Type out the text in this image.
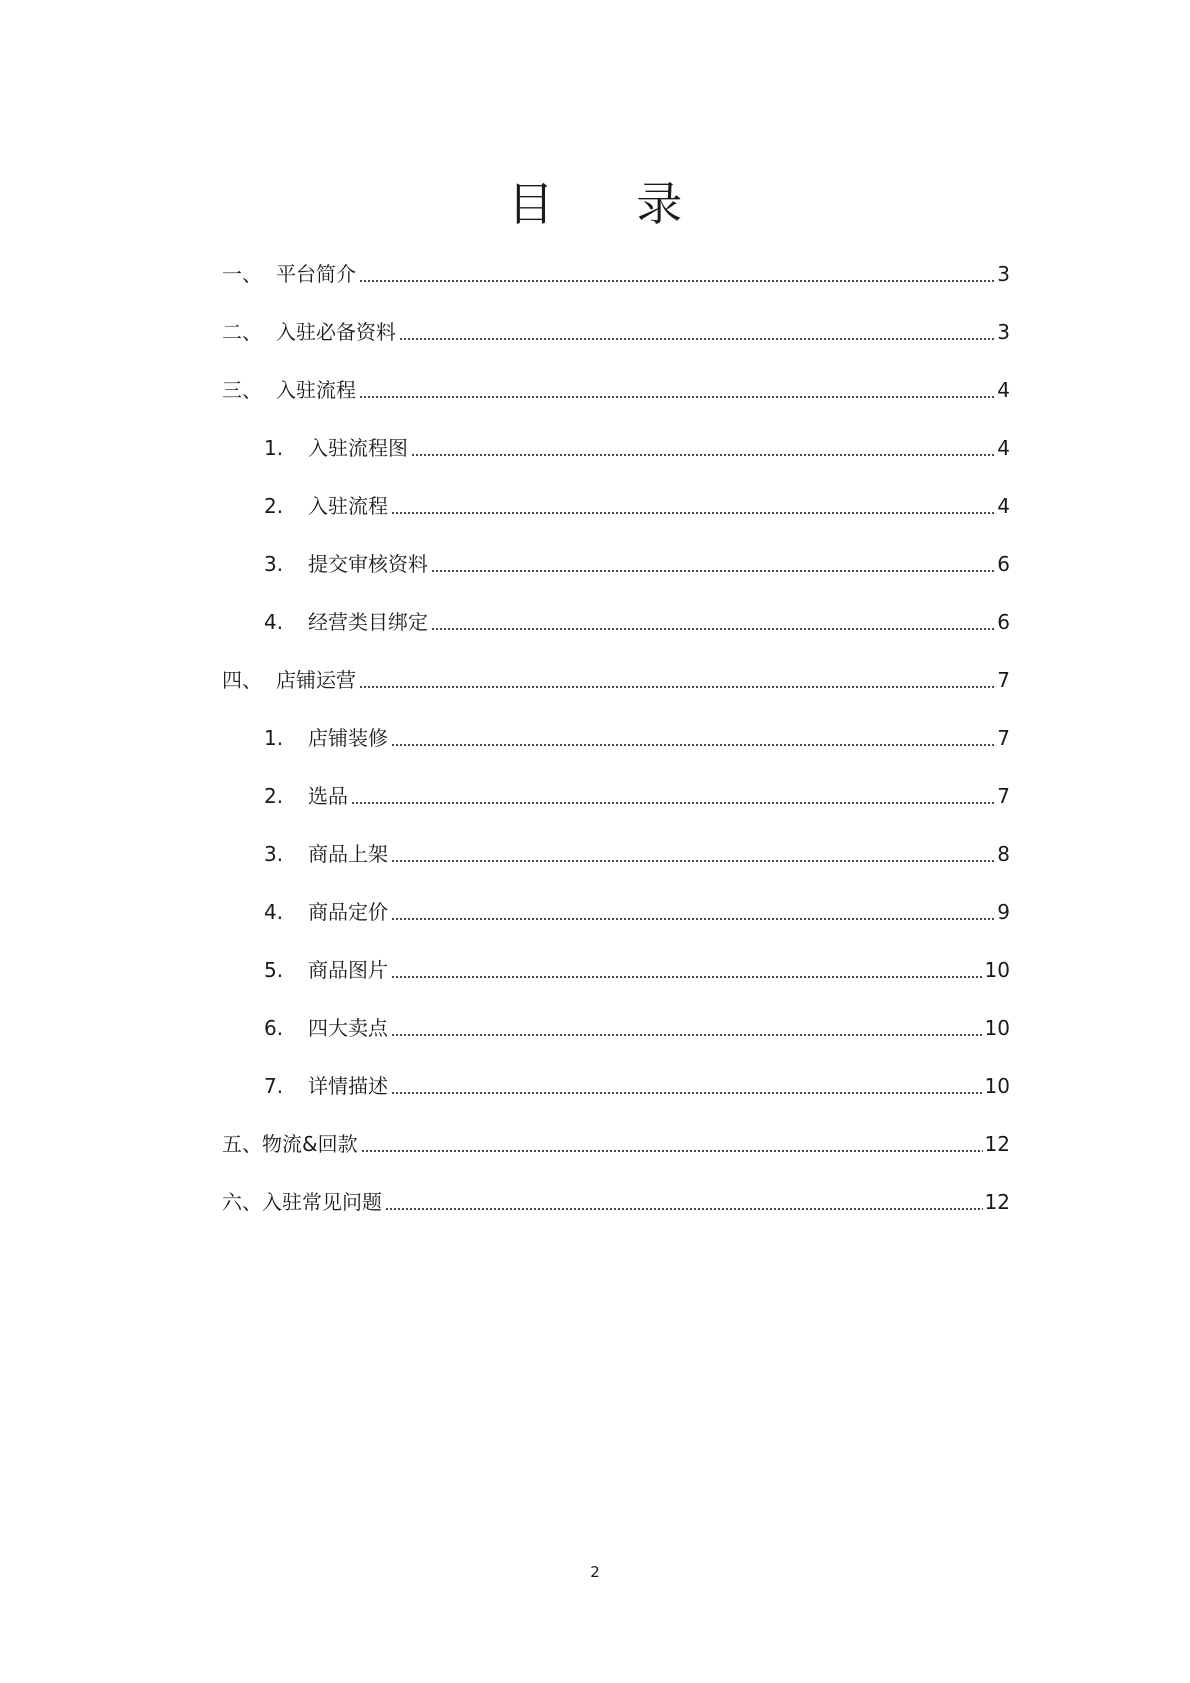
目 录
一、 平台简介	3
二、 入驻必备资料	3
三、 入驻流程	4
1.	入驻流程图	4
2.	入驻流程	4
3.	提交审核资料	6
4.	经营类目绑定	6
四、 店铺运营	7
1.	店铺装修	7
2.	选品	7
3.	商品上架	8
4.	商品定价	9
5.	商品图片	10
6.	四大卖点	10
7.	详情描述	10
五、 物流&回款	12
六、 入驻常见问题	12
2
